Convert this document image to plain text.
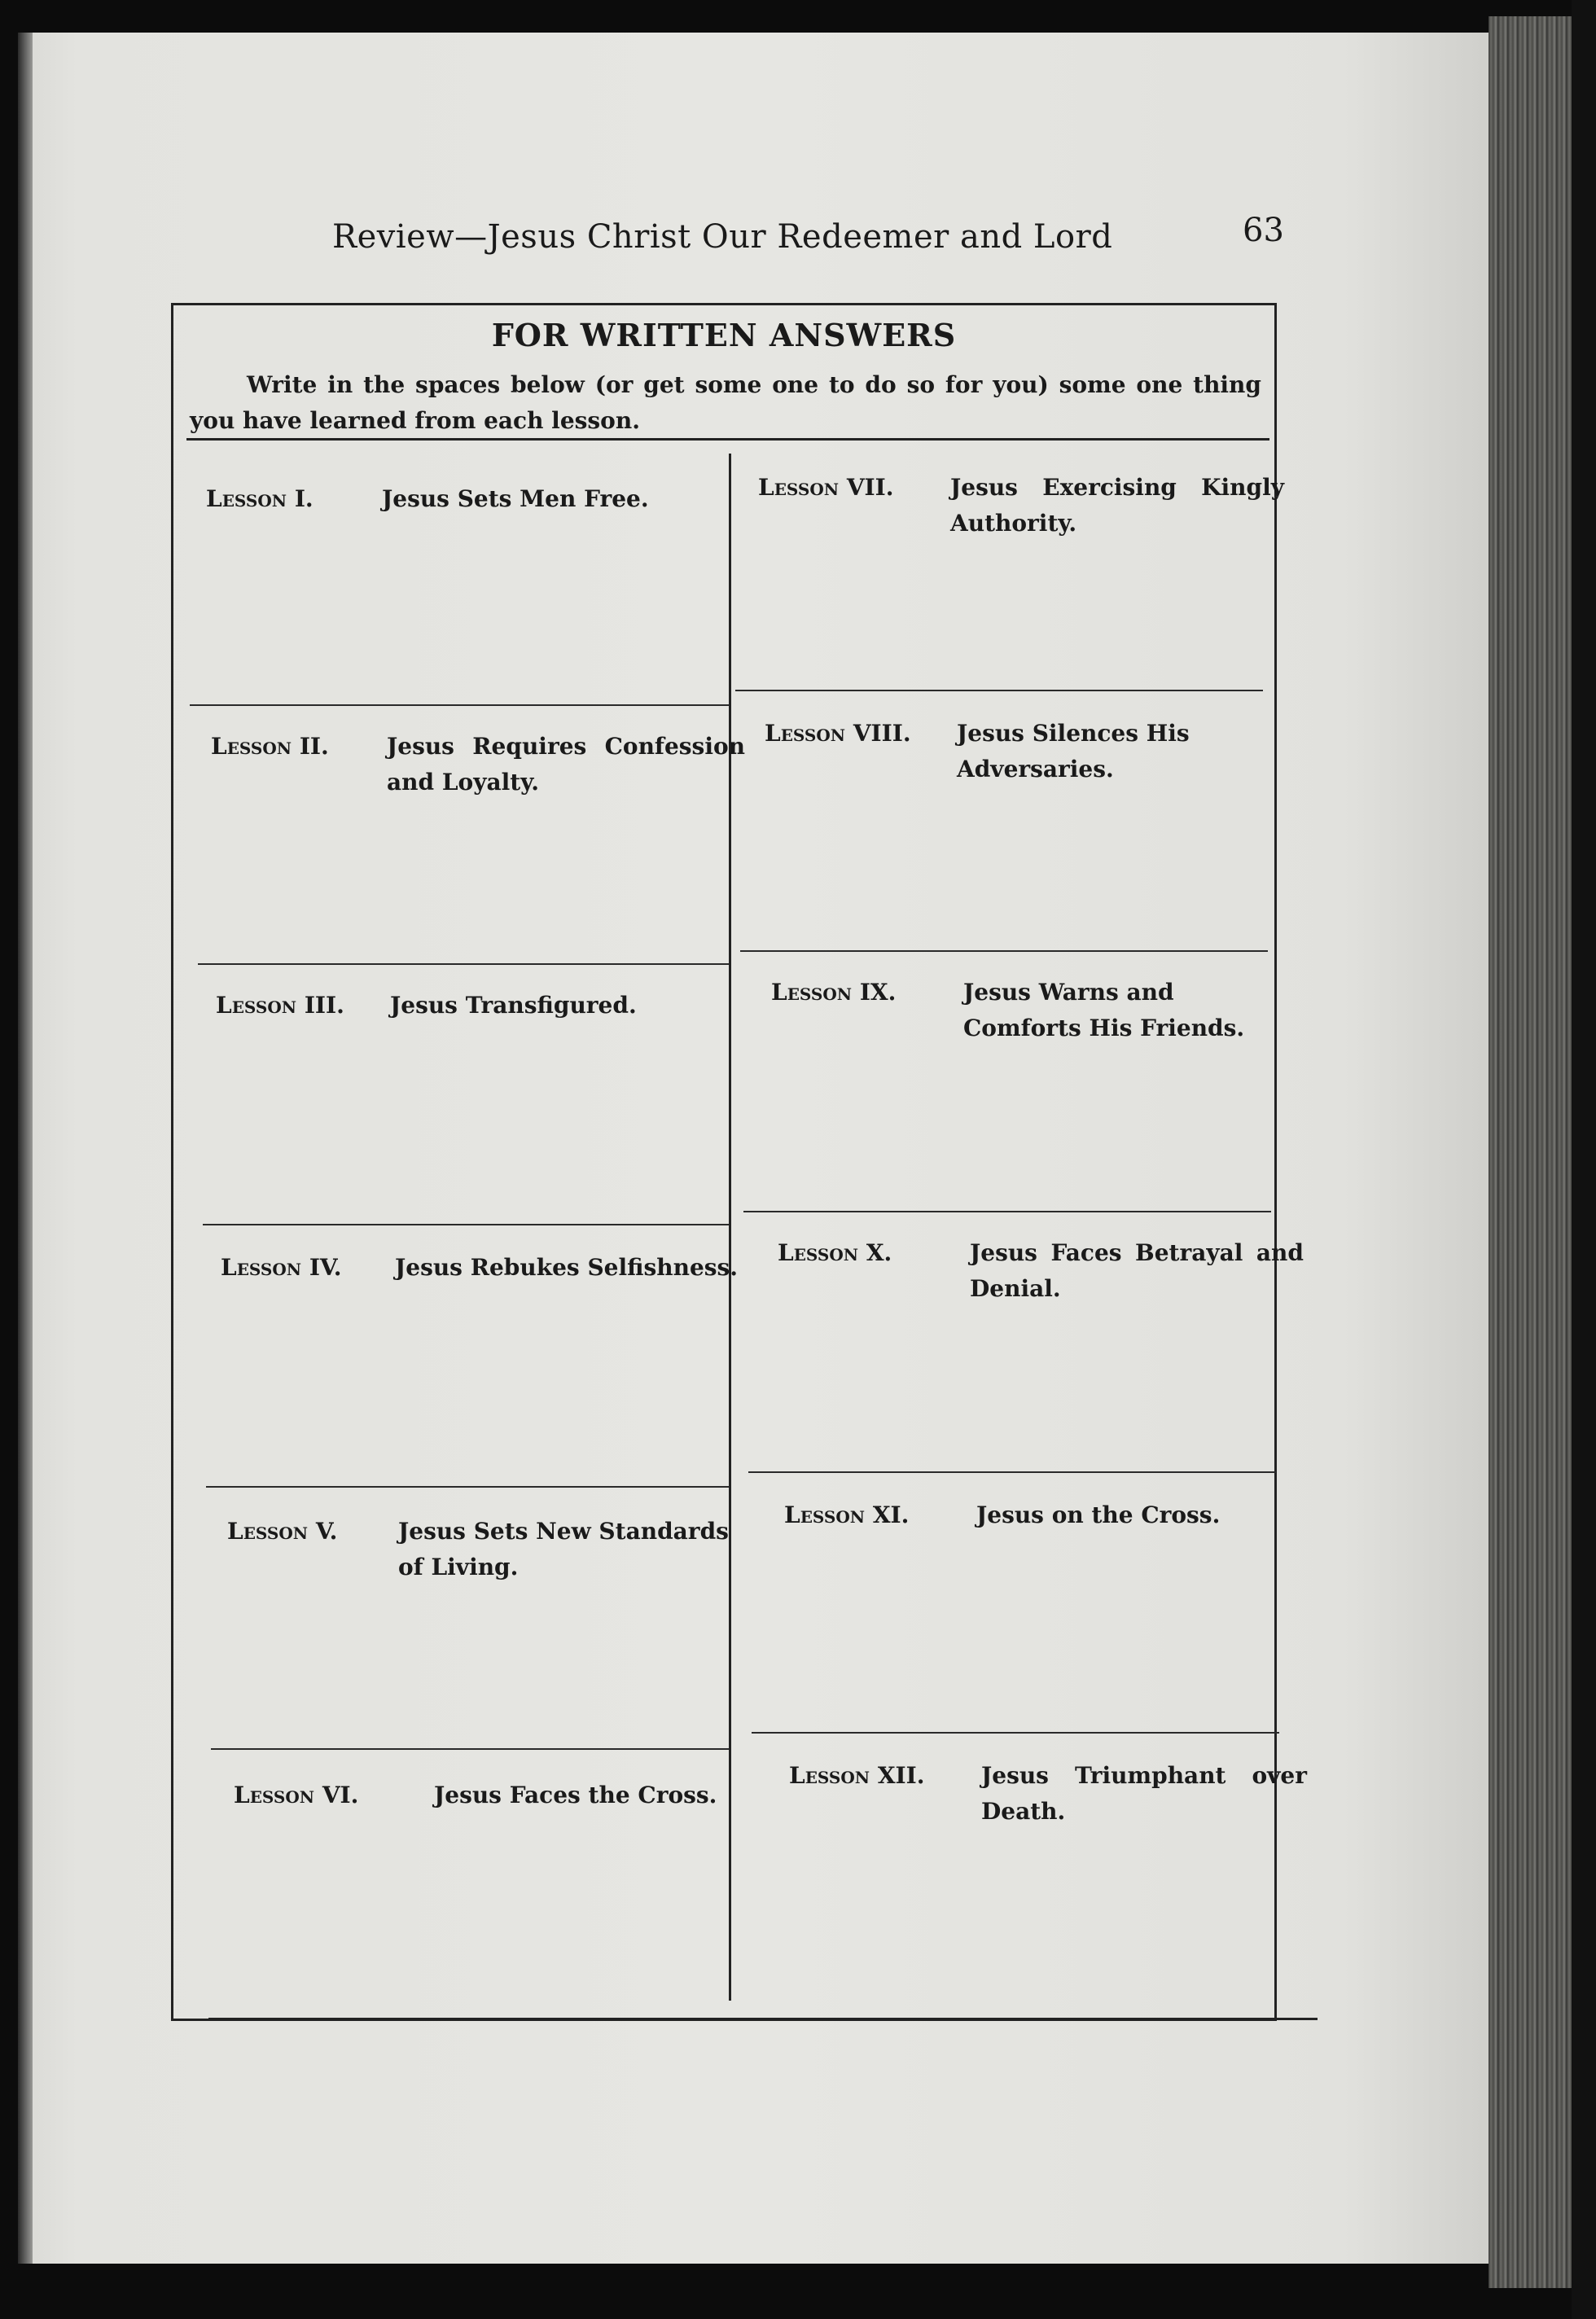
Review—Jesus Christ Our Redeemer and Lord	63
FOR WRITTEN ANSWERS
Write in the spaces below (or get some one to do so for you) some one thing you have learned from each lesson.
Lesson I.	Jesus Sets Men Free.
Lesson II.	Jesus Requires Confession and Loyalty.
Lesson III. Jesus Transfigured.
Lesson IV. Jesus Rebukes Selfishness.
Lesson V.	Jesus Sets New Standards of Living.
Lesson VI.	Jesus Faces the Cross.
Lesson VII. Jesus Exercising Kingly Authority.
Lesson VIII. Jesus Silences His Adversaries.
Lesson IX.	Jesus Warns and Comforts His Friends.
Lesson X.	Jesus Faces Betrayal and Denial.
Lesson XI.	Jesus on the Cross.
Lesson XII. Jesus Triumphant over Death.
